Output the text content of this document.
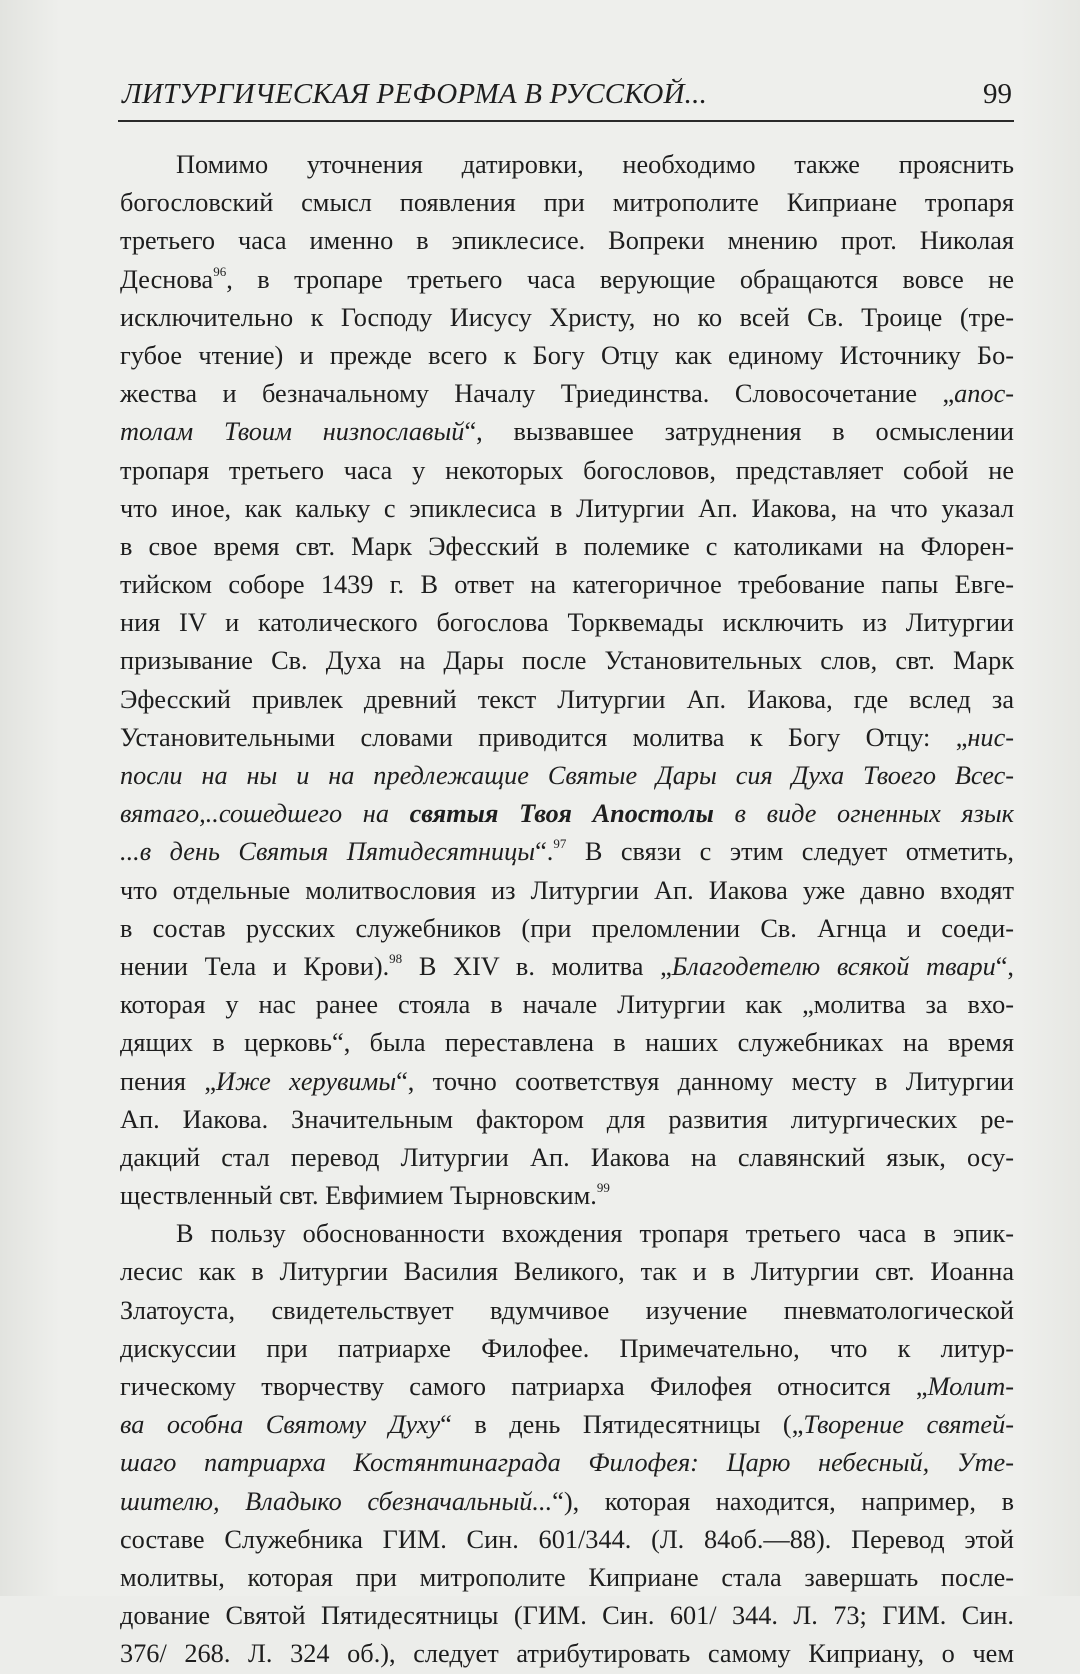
ЛИТУРГИЧЕСКАЯ РЕФОРМА В РУССКОЙ...	99
Помимо уточнения датировки, необходимо также прояснить
богословский смысл появления при митрополите Киприане тропаря
третьего часа именно в эпиклесисе. Вопреки мнению прот. Николая
Деснова$^{96}$, в тропаре третьего часа верующие обращаются вовсе не
исключительно к Господу Иисусу Христу, но ко всей Св. Троице (тре-
губое чтение) и прежде всего к Богу Отцу как единому Источнику Бо-
жества и безначальному Началу Триединства. Словосочетание „апос-
толам Твоим низпославый“, вызвавшее затруднения в осмыслении
тропаря третьего часа у некоторых богословов, представляет собой не
что иное, как кальку с эпиклесиса в Литургии Ап. Иакова, на что указал
в свое время свт. Марк Эфесский в полемике с католиками на Флорен-
тийском соборе 1439 г. В ответ на категоричное требование папы Евге-
ния IV и католического богослова Торквемады исключить из Литургии
призывание Св. Духа на Дары после Установительных слов, свт. Марк
Эфесский привлек древний текст Литургии Ап. Иакова, где вслед за
Установительными словами приводится молитва к Богу Отцу: „нис-
посли на ны и на предлежащие Святые Дары сия Духа Твоего Всес-
вятаго,..сошедшего на святыя Твоя Апостолы в виде огненных язык
...в день Святыя Пятидесятницы“.$^{97}$ В связи с этим следует отметить,
что отдельные молитвословия из Литургии Ап. Иакова уже давно входят
в состав русских служебников (при преломлении Св. Агнца и соеди-
нении Тела и Крови).$^{98}$ В XIV в. молитва „Благодетелю всякой твари“,
которая у нас ранее стояла в начале Литургии как „молитва за вхо-
дящих в церковь“, была переставлена в наших служебниках на время
пения „Иже херувимы“, точно соответствуя данному месту в Литургии
Ап. Иакова. Значительным фактором для развития литургических ре-
дакций стал перевод Литургии Ап. Иакова на славянский язык, осу-
ществленный свт. Евфимием Тырновским.$^{99}$
В пользу обоснованности вхождения тропаря третьего часа в эпик-
лесис как в Литургии Василия Великого, так и в Литургии свт. Иоанна
Златоуста, свидетельствует вдумчивое изучение пневматологической
дискуссии при патриархе Филофее. Примечательно, что к литур-
гическому творчеству самого патриарха Филофея относится „Молит-
ва особна Святому Духу“ в день Пятидесятницы („Творение святей-
шаго патриарха Костянтинаграда Филофея: Царю небесный, Уте-
шителю, Владыко сбезначальный...“), которая находится, например, в
составе Служебника ГИМ. Син. 601/344. (Л. 84об.—88). Перевод этой
молитвы, которая при митрополите Киприане стала завершать после-
дование Святой Пятидесятницы (ГИМ. Син. 601/ 344. Л. 73; ГИМ. Син.
376/ 268. Л. 324 об.), следует атрибутировать самому Киприану, о чем
